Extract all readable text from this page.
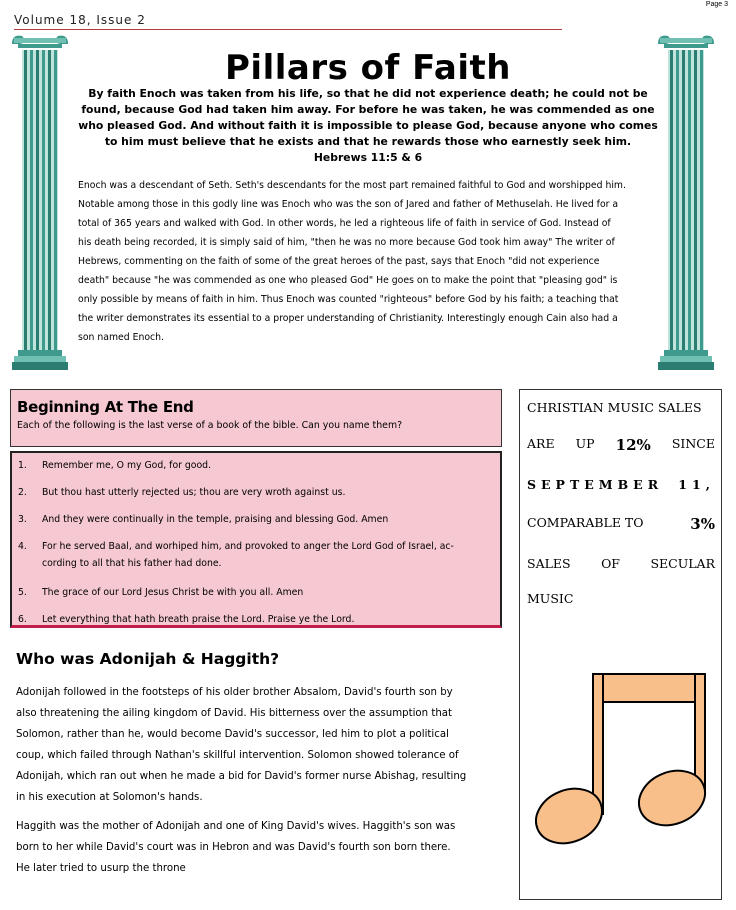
Page 3
Volume 18, Issue 2
Pillars of Faith
By faith Enoch was taken from his life, so that he did not experience death; he could not be found, because God had taken him away. For before he was taken, he was commended as one who pleased God. And without faith it is impossible to please God, because anyone who comes to him must believe that he exists and that he rewards those who earnestly seek him.
Hebrews 11:5 & 6
Enoch was a descendant of Seth. Seth's descendants for the most part remained faithful to God and worshipped him.
Notable among those in this godly line was Enoch who was the son of Jared and father of Methuselah. He lived for a
total of 365 years and walked with God. In other words, he led a righteous life of faith in service of God. Instead of
his death being recorded, it is simply said of him, "then he was no more because God took him away" The writer of
Hebrews, commenting on the faith of some of the great heroes of the past, says that Enoch "did not experience
death" because "he was commended as one who pleased God" He goes on to make the point that "pleasing god" is
only possible by means of faith in him. Thus Enoch was counted "righteous" before God by his faith; a teaching that
the writer demonstrates its essential to a proper understanding of Christianity. Interestingly enough Cain also had a
son named Enoch.
Beginning At The End
Each of the following is the last verse of a book of the bible. Can you name them?
1.	Remember me, O my God, for good.
2.	But thou hast utterly rejected us; thou are very wroth against us.
3.	And they were continually in the temple, praising and blessing God. Amen
4.	For he served Baal, and worhiped him, and provoked to anger the Lord God of Israel, ac-
cording to all that his father had done.
5.	The grace of our Lord Jesus Christ be with you all. Amen
6.	Let everything that hath breath praise the Lord. Praise ye the Lord.
Who was Adonijah & Haggith?
Adonijah followed in the footsteps of his older brother Absalom, David's fourth son by
also threatening the ailing kingdom of David. His bitterness over the assumption that
Solomon, rather than he, would become David's successor, led him to plot a political
coup, which failed through Nathan's skillful intervention. Solomon showed tolerance of
Adonijah, which ran out when he made a bid for David's former nurse Abishag, resulting
in his execution at Solomon's hands.
Haggith was the mother of Adonijah and one of King David's wives. Haggith's son was
born to her while David's court was in Hebron and was David's fourth son born there.
He later tried to usurp the throne
CHRISTIAN MUSIC SALES
ARE UP 12% SINCE
SEPTEMBER 11,
COMPARABLE TO	3%
SALES OF SECULAR
MUSIC
